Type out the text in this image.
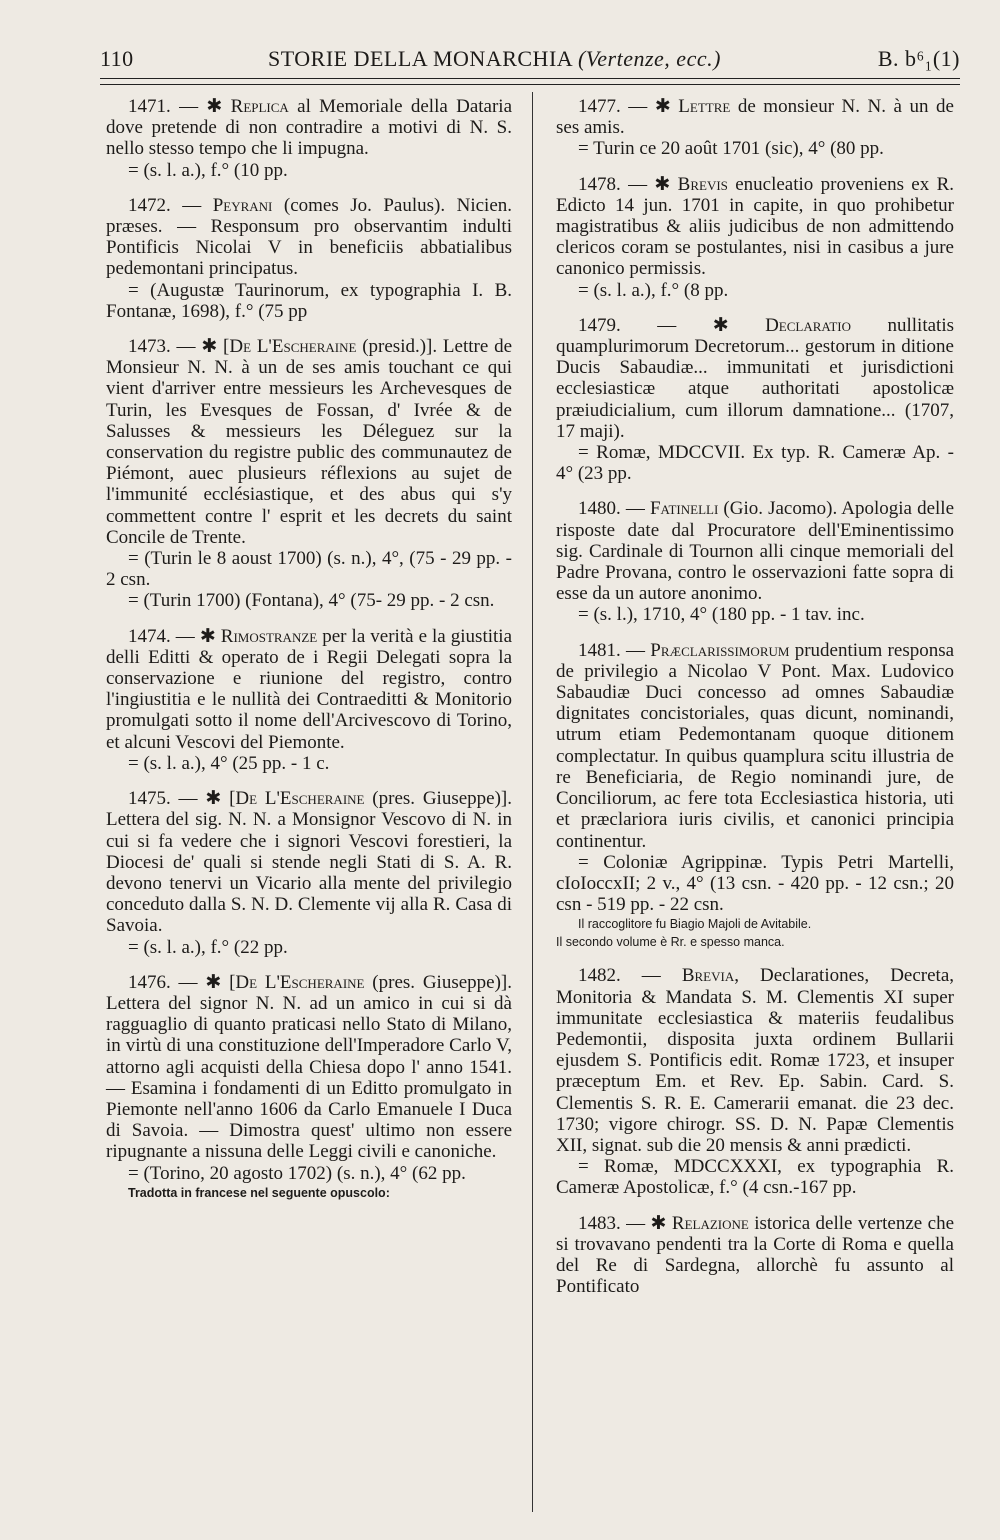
110	STORIE DELLA MONARCHIA (Vertenze, ecc.)	B. b⁶₁(1)

1471. — ✱ Replica al Memoriale della Dataria dove pretende di non contradire a motivi di N. S. nello stesso tempo che li impugna.

= (s. l. a.), f.° (10 pp.

1472. — Peyrani (comes Jo. Paulus). Nicien. præses. — Responsum pro observantim indulti Pontificis Nicolai V in beneficiis abbatialibus pedemontani principatus.

= (Augustæ Taurinorum, ex typographia I. B. Fontanæ, 1698), f.° (75 pp

1473. — ✱ [De L'Escheraine (presid.)]. Lettre de Monsieur N. N. à un de ses amis touchant ce qui vient d'arriver entre messieurs les Archevesques de Turin, les Evesques de Fossan, d' Ivrée & de Salusses & messieurs les Déleguez sur la conservation du registre public des communautez de Piémont, auec plusieurs réflexions au sujet de l'immunité ecclésiastique, et des abus qui s'y commettent contre l' esprit et les decrets du saint Concile de Trente.

= (Turin le 8 aoust 1700) (s. n.), 4°, (75 - 29 pp. - 2 csn.

= (Turin 1700) (Fontana), 4° (75- 29 pp. - 2 csn.

1474. — ✱ Rimostranze per la verità e la giustitia delli Editti & operato de i Regii Delegati sopra la conservazione e riunione del registro, contro l'ingiustitia e le nullità dei Contraeditti & Monitorio promulgati sotto il nome dell'Arcivescovo di Torino, et alcuni Vescovi del Piemonte.

= (s. l. a.), 4° (25 pp. - 1 c.

1475. — ✱ [De L'Escheraine (pres. Giuseppe)]. Lettera del sig. N. N. a Monsignor Vescovo di N. in cui si fa vedere che i signori Vescovi forestieri, la Diocesi de' quali si stende negli Stati di S. A. R. devono tenervi un Vicario alla mente del privilegio conceduto dalla S. N. D. Clemente vij alla R. Casa di Savoia.

= (s. l. a.), f.° (22 pp.

1476. — ✱ [De L'Escheraine (pres. Giuseppe)]. Lettera del signor N. N. ad un amico in cui si dà ragguaglio di quanto praticasi nello Stato di Milano, in virtù di una constituzione dell'Imperadore Carlo V, attorno agli acquisti della Chiesa dopo l' anno 1541. — Esamina i fondamenti di un Editto promulgato in Piemonte nell'anno 1606 da Carlo Emanuele I Duca di Savoia. — Dimostra quest' ultimo non essere ripugnante a nissuna delle Leggi civili e canoniche.

= (Torino, 20 agosto 1702) (s. n.), 4° (62 pp.

Tradotta in francese nel seguente opuscolo:

1477. — ✱ Lettre de monsieur N. N. à un de ses amis.

= Turin ce 20 août 1701 (sic), 4° (80 pp.

1478. — ✱ Brevis enucleatio proveniens ex R. Edicto 14 jun. 1701 in capite, in quo prohibetur magistratibus & aliis judicibus de non admittendo clericos coram se postulantes, nisi in casibus a jure canonico permissis.

= (s. l. a.), f.° (8 pp.

1479. — ✱ Declaratio nullitatis quamplurimorum Decretorum... gestorum in ditione Ducis Sabaudiæ... immunitati et jurisdictioni ecclesiasticæ atque authoritati apostolicæ præiudicialium, cum illorum damnatione... (1707, 17 maji).

= Romæ, MDCCVII. Ex typ. R. Cameræ Ap. - 4° (23 pp.

1480. — Fatinelli (Gio. Jacomo). Apologia delle risposte date dal Procuratore dell'Eminentissimo sig. Cardinale di Tournon alli cinque memoriali del Padre Provana, contro le osservazioni fatte sopra di esse da un autore anonimo.

= (s. l.), 1710, 4° (180 pp. - 1 tav. inc.

1481. — Præclarissimorum prudentium responsa de privilegio a Nicolao V Pont. Max. Ludovico Sabaudiæ Duci concesso ad omnes Sabaudiæ dignitates concistoriales, quas dicunt, nominandi, utrum etiam Pedemontanam quoque ditionem complectatur. In quibus quamplura scitu illustria de re Beneficiaria, de Regio nominandi jure, de Conciliorum, ac fere tota Ecclesiastica historia, uti et præclariora iuris civilis, et canonici principia continentur.

= Coloniæ Agrippinæ. Typis Petri Martelli, cIoIoccxII; 2 v., 4° (13 csn. - 420 pp. - 12 csn.; 20 csn - 519 pp. - 22 csn.

Il raccoglitore fu Biagio Majoli de Avitabile.
Il secondo volume è Rr. e spesso manca.

1482. — Brevia, Declarationes, Decreta, Monitoria & Mandata S. M. Clementis XI super immunitate ecclesiastica & materiis feudalibus Pedemontii, disposita juxta ordinem Bullarii ejusdem S. Pontificis edit. Romæ 1723, et insuper præceptum Em. et Rev. Ep. Sabin. Card. S. Clementis S. R. E. Camerarii emanat. die 23 dec. 1730; vigore chirogr. SS. D. N. Papæ Clementis XII, signat. sub die 20 mensis & anni prædicti.

= Romæ, MDCCXXXI, ex typographia R. Cameræ Apostolicæ, f.° (4 csn.-167 pp.

1483. — ✱ Relazione istorica delle vertenze che si trovavano pendenti tra la Corte di Roma e quella del Re di Sardegna, allorchè fu assunto al Pontificato
